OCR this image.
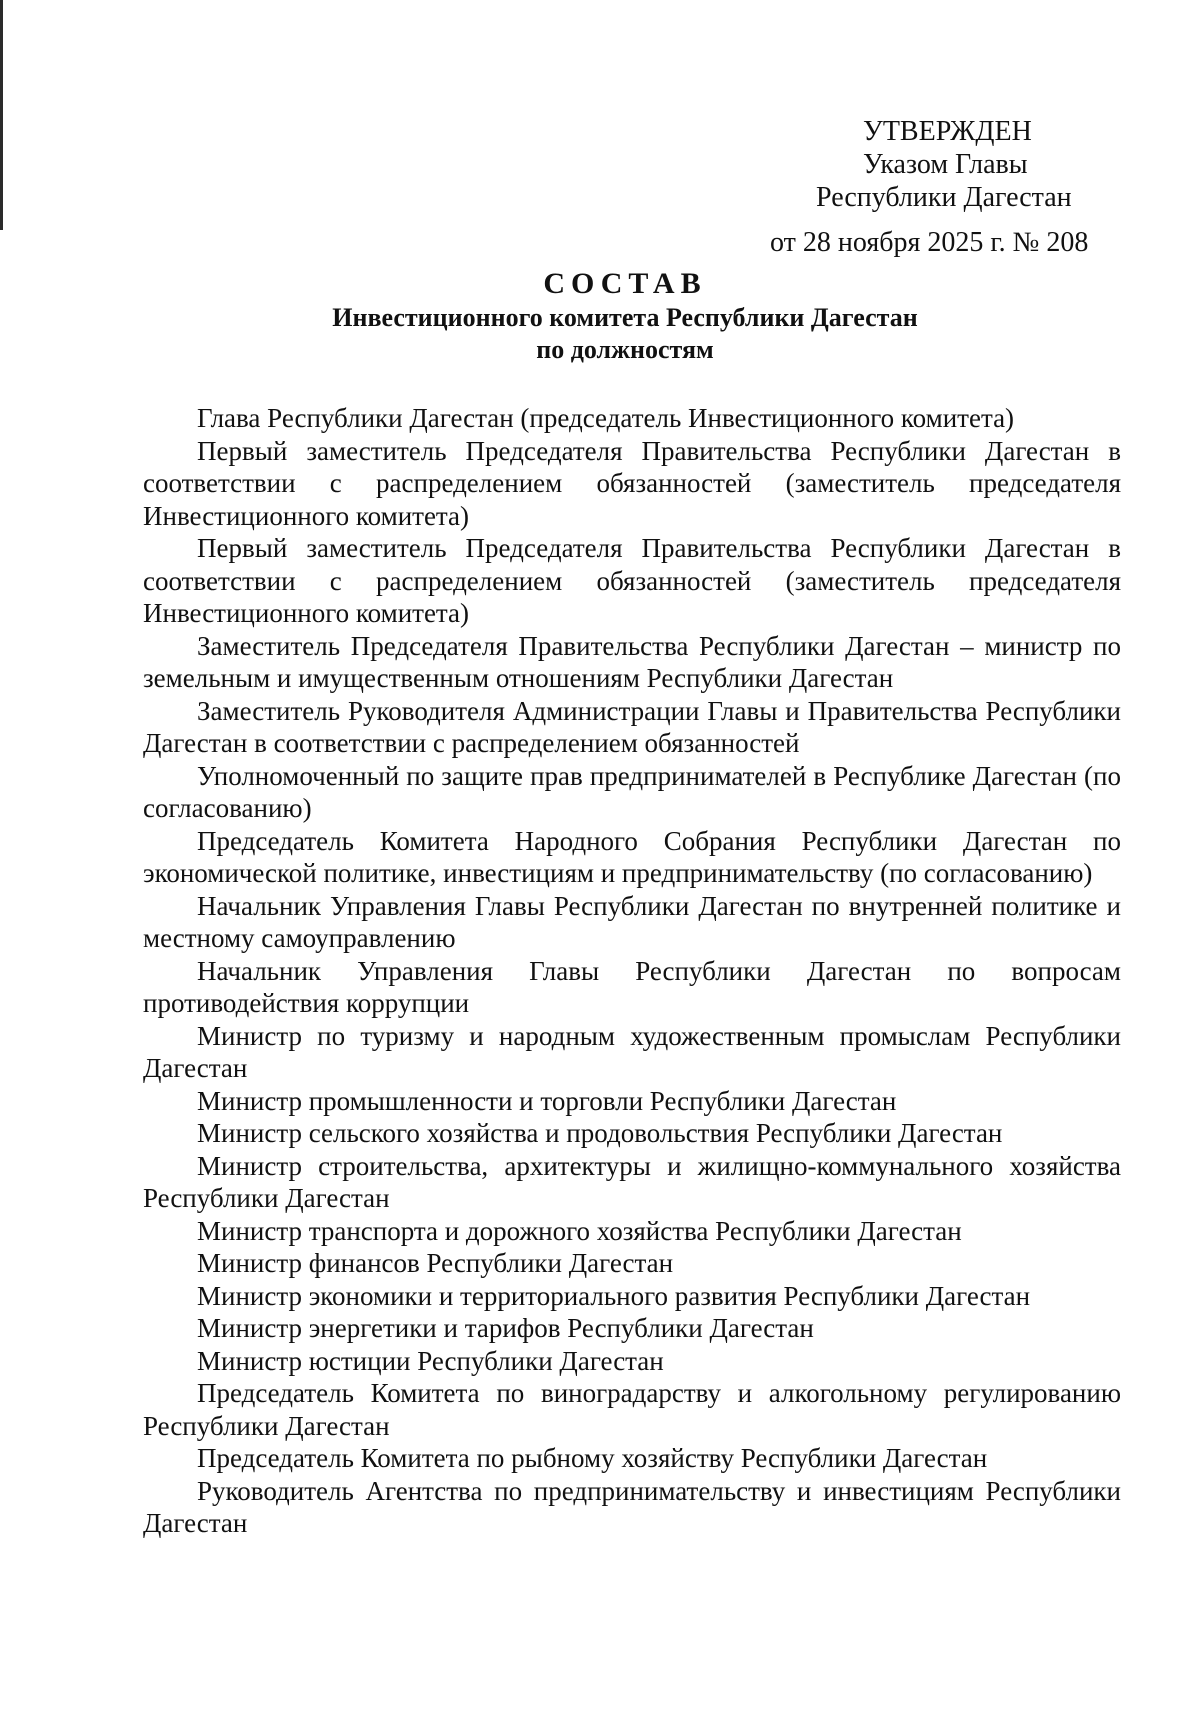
УТВЕРЖДЕН
Указом Главы
Республики Дагестан
от 28 ноября 2025 г. № 208
СОСТАВ
Инвестиционного комитета Республики Дагестан
по должностям

Глава Республики Дагестан (председатель Инвестиционного комитета)

Первый заместитель Председателя Правительства Республики Дагестан в соответствии с распределением обязанностей (заместитель председателя Инвестиционного комитета)

Первый заместитель Председателя Правительства Республики Дагестан в соответствии с распределением обязанностей (заместитель председателя Инвестиционного комитета)

Заместитель Председателя Правительства Республики Дагестан – министр по земельным и имущественным отношениям Республики Дагестан

Заместитель Руководителя Администрации Главы и Правительства Республики Дагестан в соответствии с распределением обязанностей

Уполномоченный по защите прав предпринимателей в Республике Дагестан (по согласованию)

Председатель Комитета Народного Собрания Республики Дагестан по экономической политике, инвестициям и предпринимательству (по согласованию)

Начальник Управления Главы Республики Дагестан по внутренней политике и местному самоуправлению

Начальник Управления Главы Республики Дагестан по вопросам противодействия коррупции

Министр по туризму и народным художественным промыслам Республики Дагестан

Министр промышленности и торговли Республики Дагестан

Министр сельского хозяйства и продовольствия Республики Дагестан

Министр строительства, архитектуры и жилищно-коммунального хозяйства Республики Дагестан

Министр транспорта и дорожного хозяйства Республики Дагестан

Министр финансов Республики Дагестан

Министр экономики и территориального развития Республики Дагестан

Министр энергетики и тарифов Республики Дагестан

Министр юстиции Республики Дагестан

Председатель Комитета по виноградарству и алкогольному регулированию Республики Дагестан

Председатель Комитета по рыбному хозяйству Республики Дагестан

Руководитель Агентства по предпринимательству и инвестициям Республики Дагестан
